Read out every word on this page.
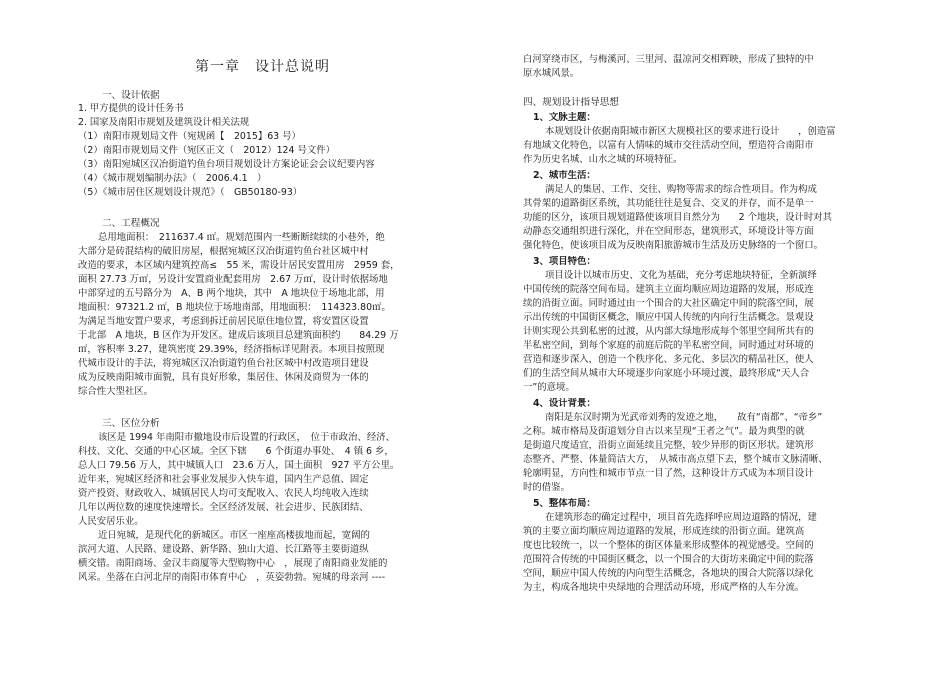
第一章　设计总说明
一、设计依据
1. 甲方提供的设计任务书
2. 国家及南阳市规划及建筑设计相关法规
（1）南阳市规划局文件（宛规函【　2015】63 号）
（2）南阳市规划局文件（宛区正文（　2012）124 号文件）
（3）南阳宛城区汉冶街道钓鱼台项目规划设计方案论证会会议纪要内容
（4）《城市规划编制办法》（　2006.4.1　）
（5）《城市居住区规划设计规范》（　GB50180-93）
二、工程概况
总用地面积：　211637.4 ㎡。规划范围内一些断断续续的小巷外，绝
大部分是砖混结构的破旧房屋，根据宛城区汉冶街道钓鱼台社区城中村
改造的要求，本区域内建筑控高≤　55 米，需设计居民安置用房　2959 套，
面积 27.73 万㎡，另设计安置商业配套用房　2.67 万㎡，设计时依据场地
中部穿过的五号路分为　A、B 两个地块，其中　A 地块位于场地北部，用
地面积：97321.2 ㎡，B 地块位于场地南部，用地面积：　114323.80㎡。
为满足当地安置户要求，考虑到拆迁前居民原住地位置，将安置区设置
于北部　A 地块，B 区作为开发区。建成后该项目总建筑面积约　　84.29 万
㎡，容积率 3.27，建筑密度 29.39%，经济指标详见附表。本项目按照现
代城市设计的手法，将宛城区汉冶街道钓鱼台社区城中村改造项目建设
成为反映南阳城市面貌，具有良好形象，集居住、休闲及商贸为一体的
综合性大型社区。
三、区位分析
该区是 1994 年南阳市撤地设市后设置的行政区，　位于市政治、经济、
科技、文化、交通的中心区域。全区下辖　　6 个街道办事处、　4 镇 6 乡，
总人口 79.56 万人，其中城镇人口　23.6 万人，国土面积　927 平方公里。
近年来，宛城区经济和社会事业发展步入快车道，国内生产总值、固定
资产投资、财政收入、城镇居民人均可支配收入、农民人均纯收入连续
几年以两位数的速度快速增长。全区经济发展、社会进步、民族团结、
人民安居乐业。
近日宛城，是现代化的新城区。市区一座座高楼拔地而起，宽阔的
滨河大道、人民路、建设路、新华路、独山大道、长江路等主要街道纵
横交错。南阳商场、金汉丰商厦等大型购物中心　，展现了南阳商业发能的
风采。坐落在白河北岸的南阳市体育中心　，英姿勃勃。宛城的母亲河 ----
白河穿绕市区，与梅溪河、三里河、温凉河交相辉映，形成了独特的中
原水城风景。
四、规划设计指导思想
1、文脉主题：
本规划设计依据南阳城市新区大规模社区的要求进行设计　　，创造富
有地域文化特色，以富有人情味的城市交往活动空间，塑造符合南阳市
作为历史名城、山水之城的环境特征。
2、城市生活：
满足人的集居、工作、交往、购物等需求的综合性项目。作为构成
其骨架的道路街区系统，其功能往往是复合、交叉的并存，而不是单一
功能的区分，该项目规划道路使该项目自然分为　　2 个地块，设计时对其
动静态交通组织进行深化，并在空间形态，建筑形式，环境设计等方面
强化特色，使该项目成为反映南阳旅游城市生活及历史脉络的一个窗口。
3、项目特色：
项目设计以城市历史、文化为基础，充分考虑地块特征，全新演绎
中国传统的院落空间布局。建筑主立面均顺应周边道路的发展，形成连
续的沿街立面。同时通过由一个围合的大社区确定中间的院落空间，展
示出传统的中国街区概念，顺应中国人传统的内向行生活概念。景观设
计则实现公共到私密的过渡，从内部大绿地形成每个邻里空间所共有的
半私密空间，到每个家庭的前庭后院的半私密空间，同时通过对环境的
营造和逐步深入，创造一个秩序化、多元化、多层次的精品社区，使人
们的生活空间从城市大环境逐步向家庭小环境过渡，最终形成“天人合
一”的意境。
4、设计背景：
南阳是东汉时期为光武帝刘秀的发迹之地，　　故有“南都”、“帝乡”
之称。城市格局及街道划分自古以来呈现“王者之气”。最为典型的就
是街道尺度适宜，沿街立面延续且完整，较少异形的街区形状。建筑形
态整齐、严整、体量简洁大方，　从城市高点望下去，整个城市文脉清晰、
轮廓明显，方向性和城市节点一目了然，这种设计方式成为本项目设计
时的借鉴。
5、整体布局：
在建筑形态的确定过程中，项目首先选择呼应周边道路的情况，建
筑的主要立面均顺应周边道路的发展，形成连续的沿街立面。建筑高
度也比较统一，以一个整体的街区体量来形成整体的视觉感受。空间的
范围符合传统的中国街区概念，以一个围合的大街坊来确定中间的院落
空间，顺应中国人传统的内向型生活概念，各地块的围合大院落以绿化
为主，构成各地块中央绿地的合理活动环境，形成严格的人车分流。
